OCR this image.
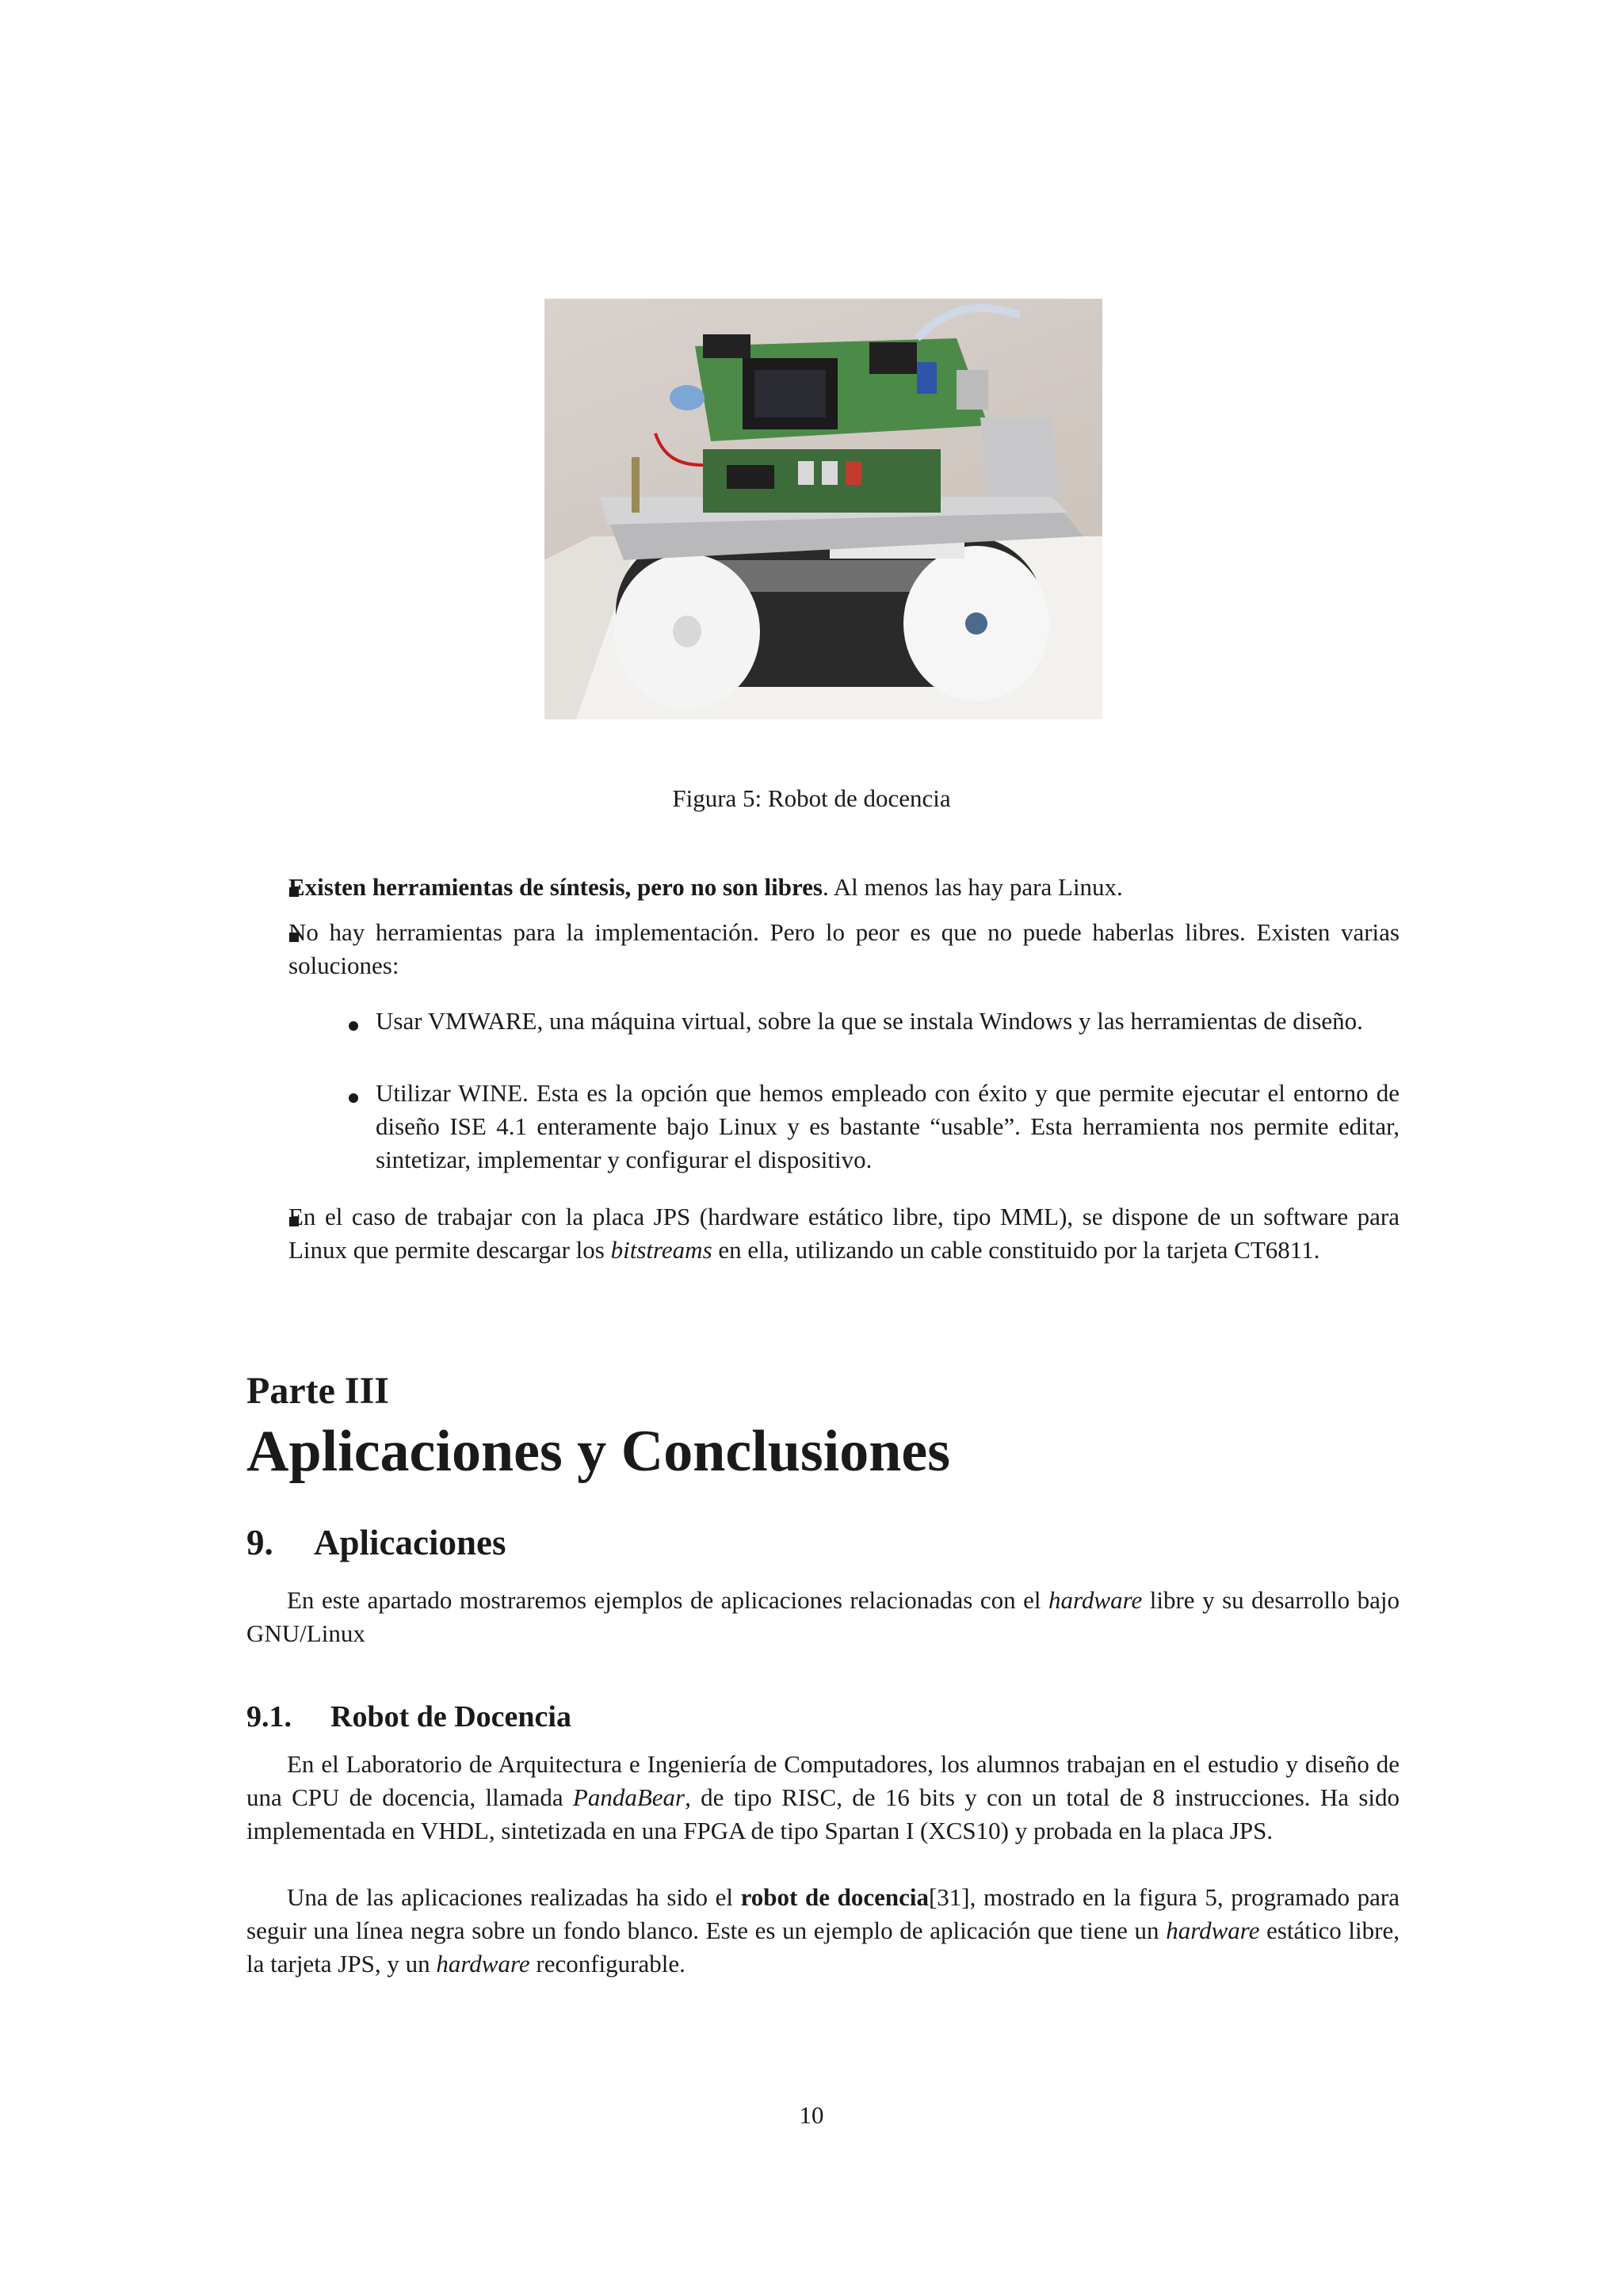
Figura 5: Robot de docencia
Existen herramientas de síntesis, pero no son libres. Al menos las hay para Linux.
No hay herramientas para la implementación. Pero lo peor es que no puede haberlas libres. Existen varias soluciones:
Usar VMWARE, una máquina virtual, sobre la que se instala Windows y las herramientas de diseño.
Utilizar WINE. Esta es la opción que hemos empleado con éxito y que permite ejecutar el entorno de diseño ISE 4.1 enteramente bajo Linux y es bastante “usable”. Esta herramienta nos permite editar, sintetizar, implementar y configurar el dispositivo.
En el caso de trabajar con la placa JPS (hardware estático libre, tipo MML), se dispone de un software para Linux que permite descargar los bitstreams en ella, utilizando un cable constituido por la tarjeta CT6811.
Parte III
Aplicaciones y Conclusiones
9. Aplicaciones
En este apartado mostraremos ejemplos de aplicaciones relacionadas con el hardware libre y su desarrollo bajo GNU/Linux
9.1. Robot de Docencia
En el Laboratorio de Arquitectura e Ingeniería de Computadores, los alumnos trabajan en el estudio y diseño de una CPU de docencia, llamada PandaBear, de tipo RISC, de 16 bits y con un total de 8 instrucciones. Ha sido implementada en VHDL, sintetizada en una FPGA de tipo Spartan I (XCS10) y probada en la placa JPS.
Una de las aplicaciones realizadas ha sido el robot de docencia[31], mostrado en la figura 5, programado para seguir una línea negra sobre un fondo blanco. Este es un ejemplo de aplicación que tiene un hardware estático libre, la tarjeta JPS, y un hardware reconfigurable.
10
